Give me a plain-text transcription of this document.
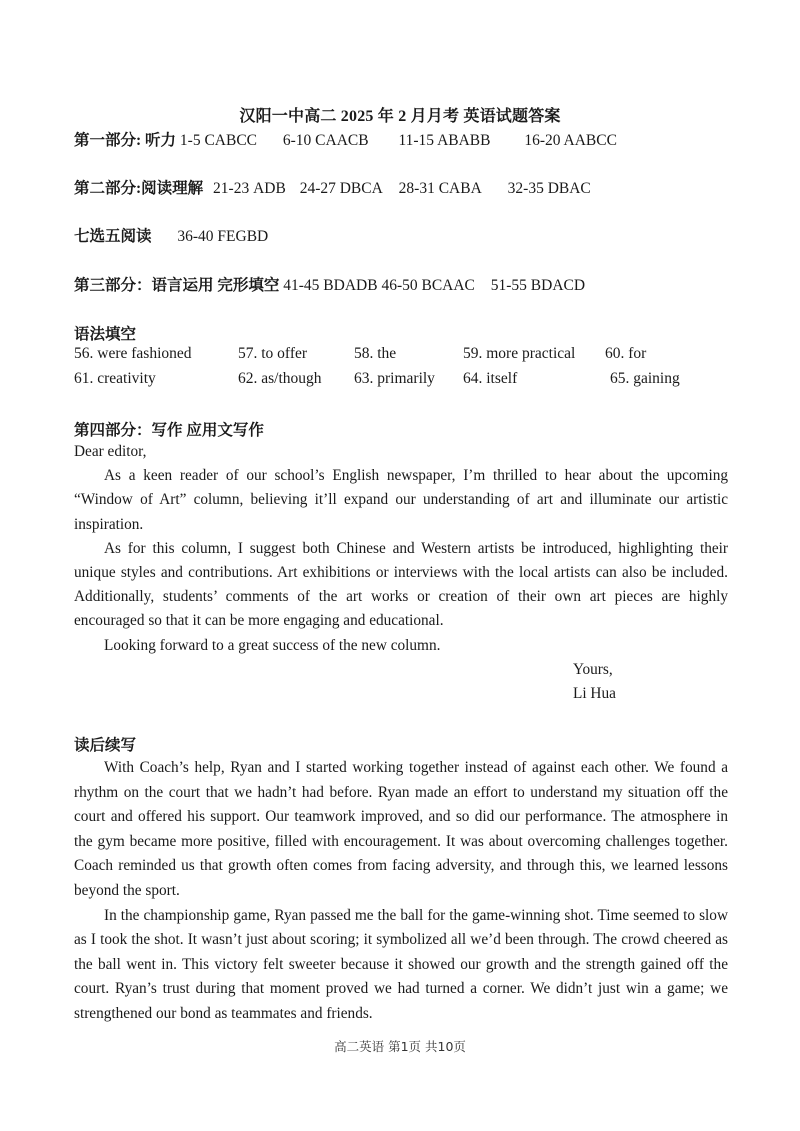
汉阳一中高二 2025 年 2 月月考 英语试题答案
第一部分: 听力 1-5 CABCC 6-10 CAACB 11-15 ABABB 16-20 AABCC
第二部分:阅读理解 21-23 ADB 24-27 DBCA 28-31 CABA 32-35 DBAC
七选五阅读 36-40 FEGBD
第三部分：语言运用 完形填空 41-45 BDADB 46-50 BCAAC 51-55 BDACD
语法填空
56. were fashioned	57. to offer	58. the	59. more practical 60. for
61. creativity	62. as/though 63. primarily 64. itself	65. gaining
第四部分：写作 应用文写作

Dear editor,

As a keen reader of our school’s English newspaper, I’m thrilled to hear about the upcoming “Window of Art” column, believing it’ll expand our understanding of art and illuminate our artistic inspiration.

As for this column, I suggest both Chinese and Western artists be introduced, highlighting their unique styles and contributions. Art exhibitions or interviews with the local artists can also be included. Additionally, students’ comments of the art works or creation of their own art pieces are highly encouraged so that it can be more engaging and educational.

Looking forward to a great success of the new column.

Yours,
Li Hua
读后续写

With Coach’s help, Ryan and I started working together instead of against each other. We found a rhythm on the court that we hadn’t had before. Ryan made an effort to understand my situation off the court and offered his support. Our teamwork improved, and so did our performance. The atmosphere in the gym became more positive, filled with encouragement. It was about overcoming challenges together. Coach reminded us that growth often comes from facing adversity, and through this, we learned lessons beyond the sport.

In the championship game, Ryan passed me the ball for the game-winning shot. Time seemed to slow as I took the shot. It wasn’t just about scoring; it symbolized all we’d been through. The crowd cheered as the ball went in. This victory felt sweeter because it showed our growth and the strength gained off the court. Ryan’s trust during that moment proved we had turned a corner. We didn’t just win a game; we strengthened our bond as teammates and friends.

高二英语 第1页 共10页
